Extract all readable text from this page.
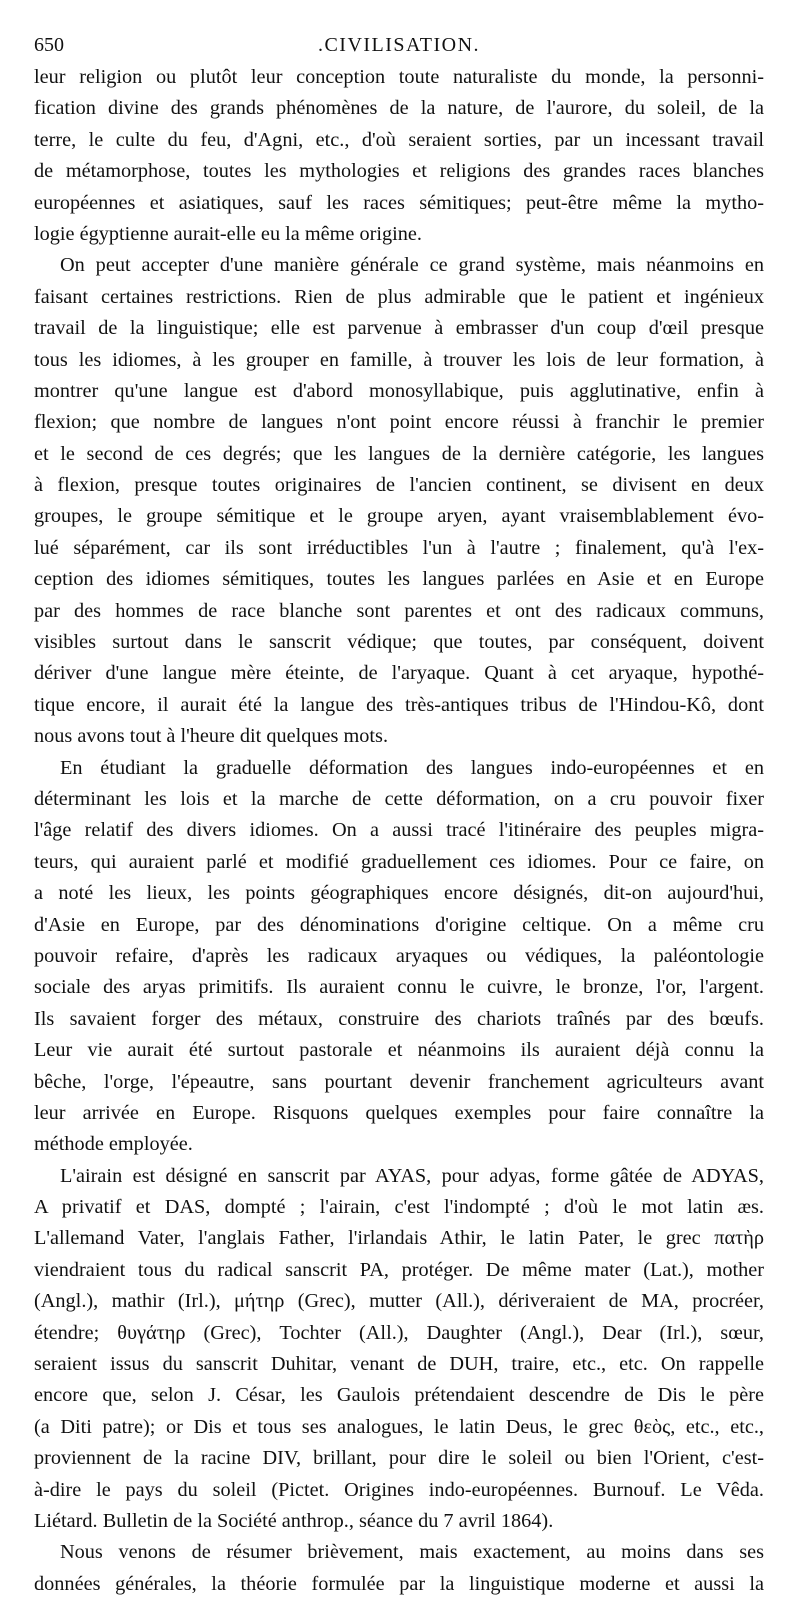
650	.CIVILISATION.
leur religion ou plutôt leur conception toute naturaliste du monde, la personni-
fication divine des grands phénomènes de la nature, de l'aurore, du soleil, de la
terre, le culte du feu, d'Agni, etc., d'où seraient sorties, par un incessant travail
de métamorphose, toutes les mythologies et religions des grandes races blanches
européennes et asiatiques, sauf les races sémitiques; peut-être même la mytho-
logie égyptienne aurait-elle eu la même origine.
On peut accepter d'une manière générale ce grand système, mais néanmoins en
faisant certaines restrictions. Rien de plus admirable que le patient et ingénieux
travail de la linguistique; elle est parvenue à embrasser d'un coup d'œil presque
tous les idiomes, à les grouper en famille, à trouver les lois de leur formation, à
montrer qu'une langue est d'abord monosyllabique, puis agglutinative, enfin à
flexion; que nombre de langues n'ont point encore réussi à franchir le premier
et le second de ces degrés; que les langues de la dernière catégorie, les langues
à flexion, presque toutes originaires de l'ancien continent, se divisent en deux
groupes, le groupe sémitique et le groupe aryen, ayant vraisemblablement évo-
lué séparément, car ils sont irréductibles l'un à l'autre ; finalement, qu'à l'ex-
ception des idiomes sémitiques, toutes les langues parlées en Asie et en Europe
par des hommes de race blanche sont parentes et ont des radicaux communs,
visibles surtout dans le sanscrit védique; que toutes, par conséquent, doivent
dériver d'une langue mère éteinte, de l'aryaque. Quant à cet aryaque, hypothé-
tique encore, il aurait été la langue des très-antiques tribus de l'Hindou-Kô, dont
nous avons tout à l'heure dit quelques mots.
En étudiant la graduelle déformation des langues indo-européennes et en
déterminant les lois et la marche de cette déformation, on a cru pouvoir fixer
l'âge relatif des divers idiomes. On a aussi tracé l'itinéraire des peuples migra-
teurs, qui auraient parlé et modifié graduellement ces idiomes. Pour ce faire, on
a noté les lieux, les points géographiques encore désignés, dit-on aujourd'hui,
d'Asie en Europe, par des dénominations d'origine celtique. On a même cru
pouvoir refaire, d'après les radicaux aryaques ou védiques, la paléontologie
sociale des aryas primitifs. Ils auraient connu le cuivre, le bronze, l'or, l'argent.
Ils savaient forger des métaux, construire des chariots traînés par des bœufs.
Leur vie aurait été surtout pastorale et néanmoins ils auraient déjà connu la
bêche, l'orge, l'épeautre, sans pourtant devenir franchement agriculteurs avant
leur arrivée en Europe. Risquons quelques exemples pour faire connaître la
méthode employée.
L'airain est désigné en sanscrit par AYAS, pour adyas, forme gâtée de ADYAS,
A privatif et DAS, dompté ; l'airain, c'est l'indompté ; d'où le mot latin æs.
L'allemand Vater, l'anglais Father, l'irlandais Athir, le latin Pater, le grec πατὴρ
viendraient tous du radical sanscrit PA, protéger. De même mater (Lat.), mother
(Angl.), mathir (Irl.), μήτηρ (Grec), mutter (All.), dériveraient de MA, procréer,
étendre; θυγάτηρ (Grec), Tochter (All.), Daughter (Angl.), Dear (Irl.), sœur,
seraient issus du sanscrit Duhitar, venant de DUH, traire, etc., etc. On rappelle
encore que, selon J. César, les Gaulois prétendaient descendre de Dis le père
(a Diti patre); or Dis et tous ses analogues, le latin Deus, le grec θεὸς, etc., etc.,
proviennent de la racine DIV, brillant, pour dire le soleil ou bien l'Orient, c'est-
à-dire le pays du soleil (Pictet. Origines indo-européennes. Burnouf. Le Vêda.
Liétard. Bulletin de la Société anthrop., séance du 7 avril 1864).
Nous venons de résumer brièvement, mais exactement, au moins dans ses
données générales, la théorie formulée par la linguistique moderne et aussi la
